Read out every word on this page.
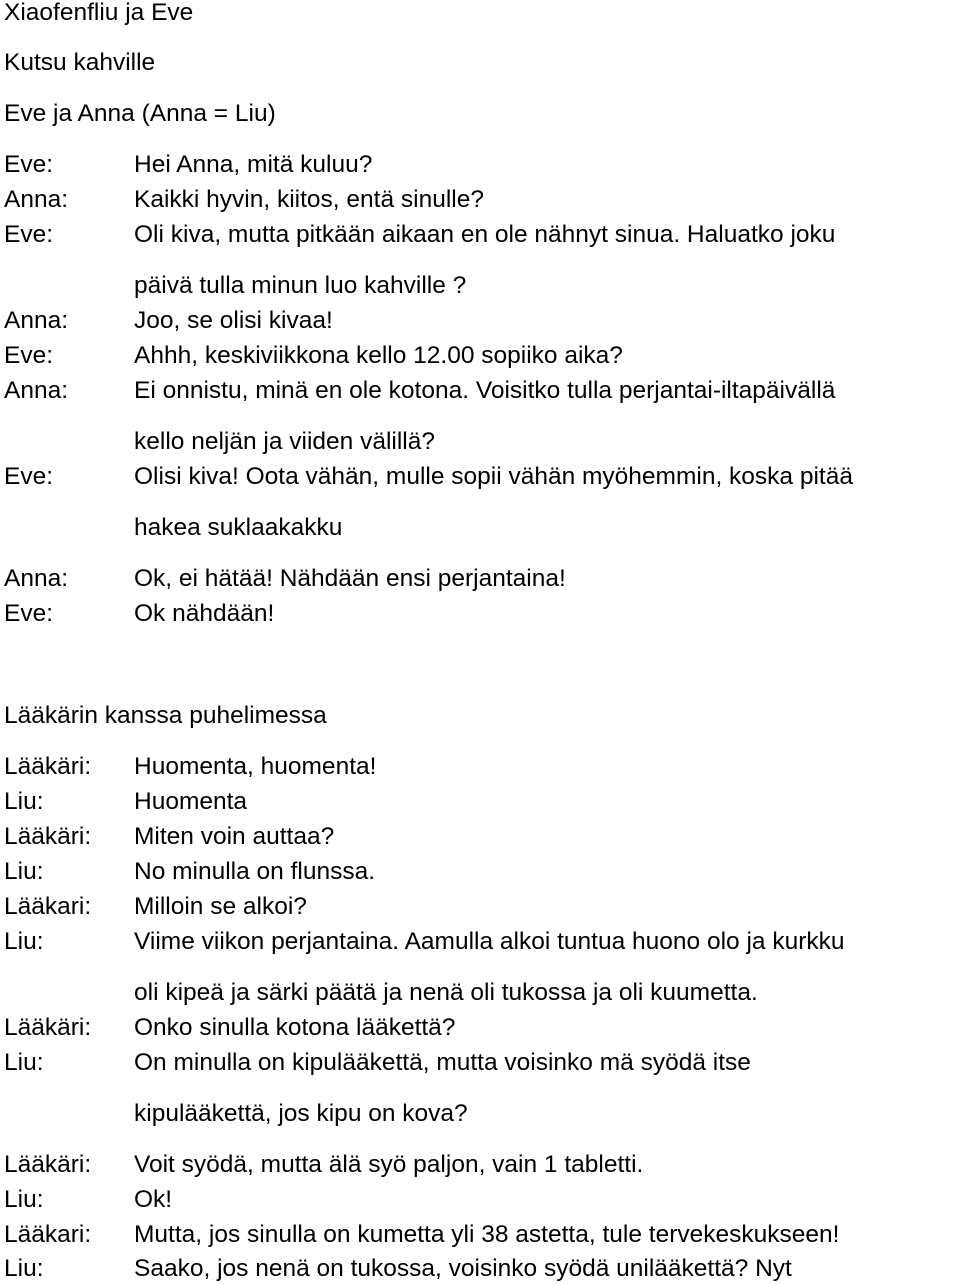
Xiaofenfliu ja Eve
Kutsu kahville
Eve ja Anna (Anna = Liu)
Eve:	Hei Anna, mitä kuluu?
Anna:	Kaikki hyvin, kiitos, entä sinulle?
Eve:	Oli kiva, mutta pitkään aikaan en ole nähnyt sinua. Haluatko joku
päivä tulla minun luo kahville ?
Anna:	Joo, se olisi kivaa!
Eve:	Ahhh, keskiviikkona kello 12.00 sopiiko aika?
Anna:	Ei onnistu, minä en ole kotona. Voisitko tulla perjantai-iltapäivällä
kello neljän ja viiden välillä?
Eve:	Olisi kiva! Oota vähän, mulle sopii vähän myöhemmin, koska pitää
hakea suklaakakku
Anna:	Ok, ei hätää! Nähdään ensi perjantaina!
Eve:	Ok nähdään!
Lääkärin kanssa puhelimessa
Lääkäri: Huomenta, huomenta!
Liu:	Huomenta
Lääkäri: Miten voin auttaa?
Liu:	No minulla on flunssa.
Lääkari: Milloin se alkoi?
Liu:	Viime viikon perjantaina. Aamulla alkoi tuntua huono olo ja kurkku
oli kipeä ja särki päätä ja nenä oli tukossa ja oli kuumetta.
Lääkäri: Onko sinulla kotona lääkettä?
Liu:	On minulla on kipulääkettä, mutta voisinko mä syödä itse
kipulääkettä, jos kipu on kova?
Lääkäri: Voit syödä, mutta älä syö paljon, vain 1 tabletti.
Liu:	Ok!
Lääkari: Mutta, jos sinulla on kumetta yli 38 astetta, tule tervekeskukseen!
Liu:	Saako, jos nenä on tukossa, voisinko syödä unilääkettä? Nyt
